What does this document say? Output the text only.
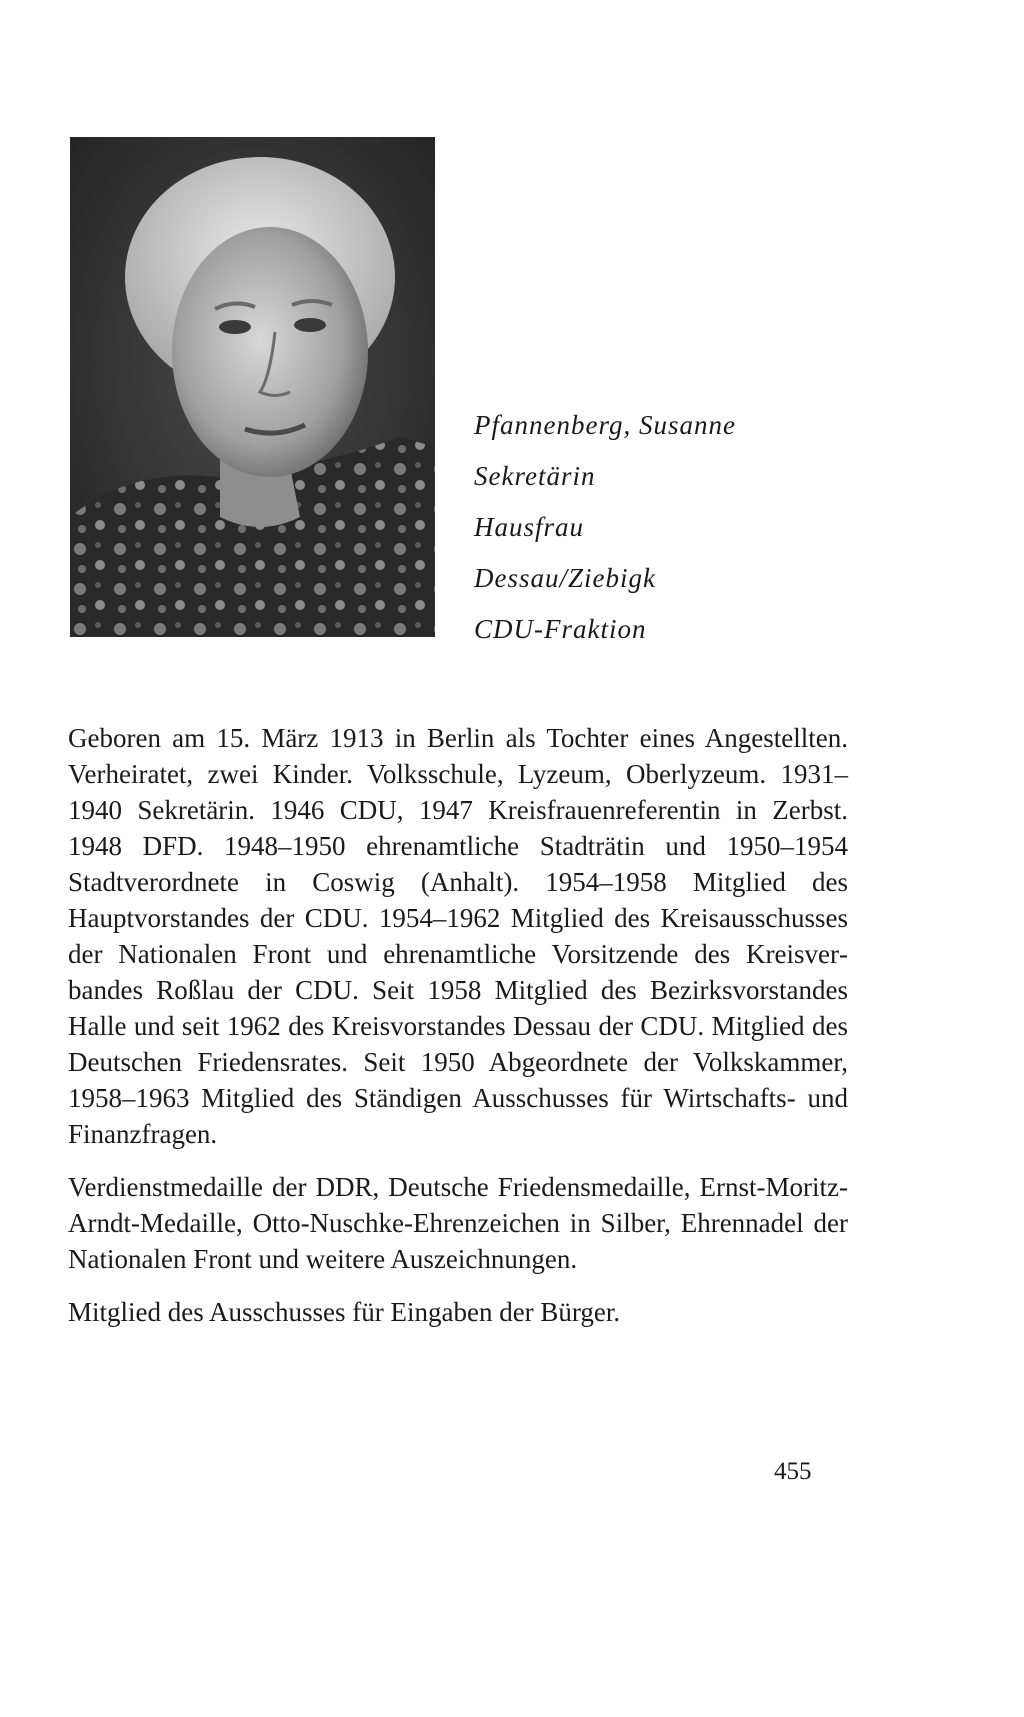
Pfannenberg, Susanne
Sekretärin
Hausfrau
Dessau/Ziebigk
CDU-Fraktion

Geboren am 15. März 1913 in Berlin als Tochter eines Angestellten. Verheiratet, zwei Kinder. Volksschule, Lyzeum, Oberlyzeum. 1931–1940 Sekretärin. 1946 CDU, 1947 Kreisfrauenreferentin in Zerbst. 1948 DFD. 1948–1950 ehrenamtliche Stadträtin und 1950–1954 Stadtverordnete in Coswig (Anhalt). 1954–1958 Mitglied des Hauptvorstandes der CDU. 1954–1962 Mitglied des Kreisausschusses der Nationalen Front und ehrenamtliche Vorsitzende des Kreisverbandes Roßlau der CDU. Seit 1958 Mitglied des Bezirksvorstandes Halle und seit 1962 des Kreisvorstandes Dessau der CDU. Mitglied des Deutschen Friedensrates. Seit 1950 Abgeordnete der Volkskammer, 1958–1963 Mitglied des Ständigen Ausschusses für Wirtschafts- und Finanzfragen.

Verdienstmedaille der DDR, Deutsche Friedensmedaille, Ernst-Moritz-Arndt-Medaille, Otto-Nuschke-Ehrenzeichen in Silber, Ehrennadel der Nationalen Front und weitere Auszeichnungen.

Mitglied des Ausschusses für Eingaben der Bürger.

455
